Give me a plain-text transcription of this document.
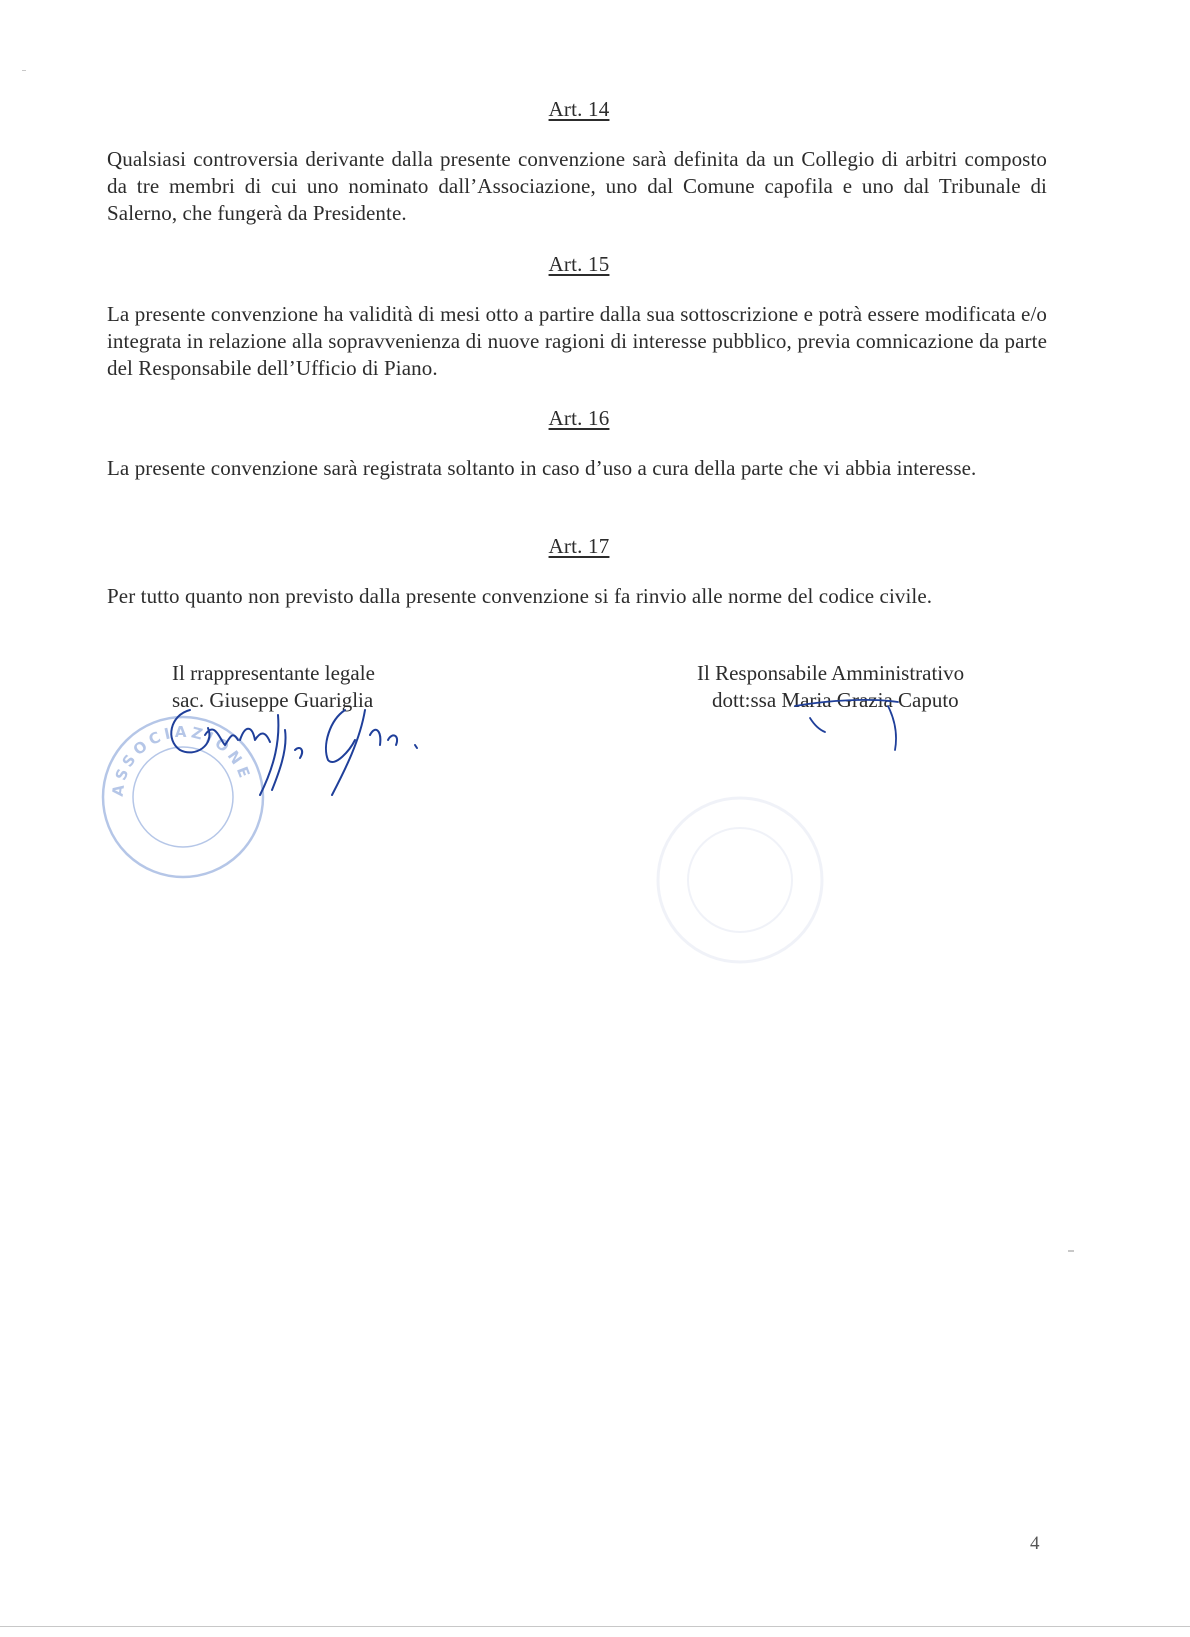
Art. 14
Qualsiasi controversia derivante dalla presente convenzione sarà definita da un Collegio di arbitri composto da tre membri di cui uno nominato dall’Associazione, uno dal Comune capofila e uno dal Tribunale di Salerno, che fungerà da Presidente.
Art. 15
La presente convenzione ha validità di mesi otto a partire dalla sua sottoscrizione e potrà essere modificata e/o integrata in relazione alla sopravvenienza di nuove ragioni di interesse pubblico, previa comnicazione da parte del Responsabile dell’Ufficio di Piano.
Art. 16
La presente convenzione sarà registrata soltanto in caso d’uso a cura della parte che vi abbia interesse.
Art. 17
Per tutto quanto non previsto dalla presente convenzione si fa rinvio alle norme del codice civile.
ASSOCIAZIONE
Il rrappresentante legale
sac. Giuseppe Guariglia
Il Responsabile Amministrativo
dott:ssa Maria Grazia Caputo
4
